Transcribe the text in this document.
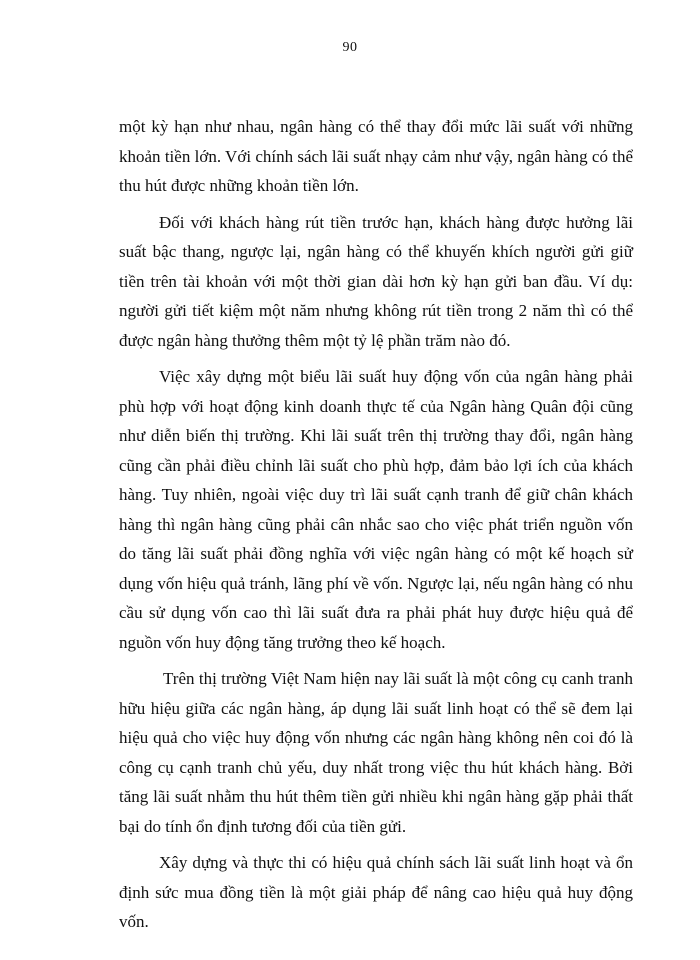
90

một kỳ hạn như nhau, ngân hàng có thể thay đổi mức lãi suất với những khoản tiền lớn. Với chính sách lãi suất nhạy cảm như vậy, ngân hàng có thể thu hút được những khoản tiền lớn.

Đối với khách hàng rút tiền trước hạn, khách hàng được hưởng lãi suất bậc thang, ngược lại, ngân hàng có thể khuyến khích người gửi giữ tiền trên tài khoản với một thời gian dài hơn kỳ hạn gửi ban đầu. Ví dụ: người gửi tiết kiệm một năm nhưng không rút tiền trong 2 năm thì có thể được ngân hàng thưởng thêm một tỷ lệ phần trăm nào đó.

Việc xây dựng một biểu lãi suất huy động vốn của ngân hàng phải phù hợp với hoạt động kinh doanh thực tế của Ngân hàng Quân đội cũng như diễn biến thị trường. Khi lãi suất trên thị trường thay đổi, ngân hàng cũng cần phải điều chỉnh lãi suất cho phù hợp, đảm bảo lợi ích của khách hàng. Tuy nhiên, ngoài việc duy trì lãi suất cạnh tranh để giữ chân khách hàng thì ngân hàng cũng phải cân nhắc sao cho việc phát triển nguồn vốn do tăng lãi suất phải đồng nghĩa với việc ngân hàng có một kế hoạch sử dụng vốn hiệu quả tránh, lãng phí về vốn. Ngược lại, nếu ngân hàng có nhu cầu sử dụng vốn cao thì lãi suất đưa ra phải phát huy được hiệu quả để nguồn vốn huy động tăng trưởng theo kế hoạch.

Trên thị trường Việt Nam hiện nay lãi suất là một công cụ canh tranh hữu hiệu giữa các ngân hàng, áp dụng lãi suất linh hoạt có thể sẽ đem lại hiệu quả cho việc huy động vốn nhưng các ngân hàng không nên coi đó là công cụ cạnh tranh chủ yếu, duy nhất trong việc thu hút khách hàng. Bởi tăng lãi suất nhằm thu hút thêm tiền gửi nhiều khi ngân hàng gặp phải thất bại do tính ổn định tương đối của tiền gửi.

Xây dựng và thực thi có hiệu quả chính sách lãi suất linh hoạt và ổn định sức mua đồng tiền là một giải pháp để nâng cao hiệu quả huy động vốn.
